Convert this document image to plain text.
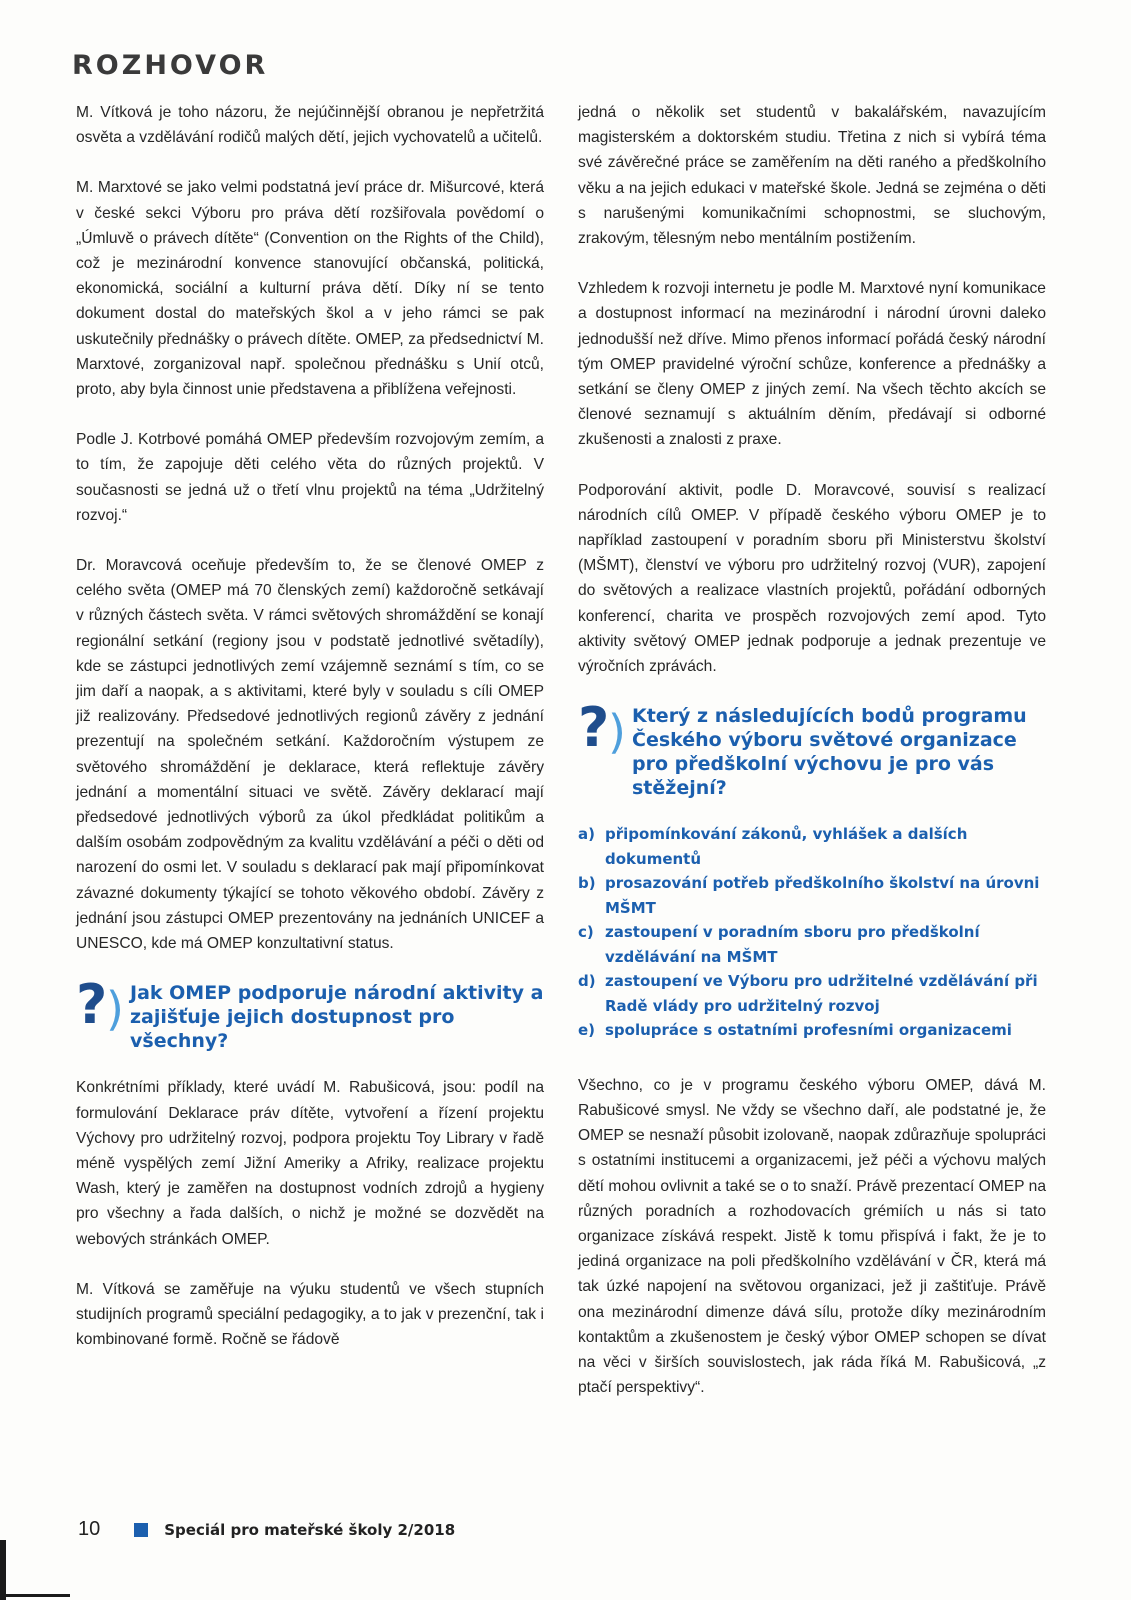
ROZHOVOR

M. Vítková je toho názoru, že nejúčinnější obranou je nepřetržitá osvěta a vzdělávání rodičů malých dětí, jejich vychovatelů a učitelů.

M. Marxtové se jako velmi podstatná jeví práce dr. Mišurcové, která v české sekci Výboru pro práva dětí rozšiřovala povědomí o „Úmluvě o právech dítěte“ (Convention on the Rights of the Child), což je mezinárodní konvence stanovující občanská, politická, ekonomická, sociální a kulturní práva dětí. Díky ní se tento dokument dostal do mateřských škol a v jeho rámci se pak uskutečnily přednášky o právech dítěte. OMEP, za předsednictví M. Marxtové, zorganizoval např. společnou přednášku s Unií otců, proto, aby byla činnost unie představena a přiblížena veřejnosti.

Podle J. Kotrbové pomáhá OMEP především rozvojovým zemím, a to tím, že zapojuje děti celého věta do různých projektů. V současnosti se jedná už o třetí vlnu projektů na téma „Udržitelný rozvoj.“

Dr. Moravcová oceňuje především to, že se členové OMEP z celého světa (OMEP má 70 členských zemí) každoročně setkávají v různých částech světa. V rámci světových shromáždění se konají regionální setkání (regiony jsou v podstatě jednotlivé světadíly), kde se zástupci jednotlivých zemí vzájemně seznámí s tím, co se jim daří a naopak, a s aktivitami, které byly v souladu s cíli OMEP již realizovány. Předsedové jednotlivých regionů závěry z jednání prezentují na společném setkání. Každoročním výstupem ze světového shromáždění je deklarace, která reflektuje závěry jednání a momentální situaci ve světě. Závěry deklarací mají předsedové jednotlivých výborů za úkol předkládat politikům a dalším osobám zodpovědným za kvalitu vzdělávání a péči o děti od narození do osmi let. V souladu s deklarací pak mají připomínkovat závazné dokumenty týkající se tohoto věkového období. Závěry z jednání jsou zástupci OMEP prezentovány na jednáních UNICEF a UNESCO, kde má OMEP konzultativní status.

?
) Jak OMEP podporuje národní aktivity a zajišťuje jejich dostupnost pro všechny?

Konkrétními příklady, které uvádí M. Rabušicová, jsou: podíl na formulování Deklarace práv dítěte, vytvoření a řízení projektu Výchovy pro udržitelný rozvoj, podpora projektu Toy Library v řadě méně vyspělých zemí Jižní Ameriky a Afriky, realizace projektu Wash, který je zaměřen na dostupnost vodních zdrojů a hygieny pro všechny a řada dalších, o nichž je možné se dozvědět na webových stránkách OMEP.

M. Vítková se zaměřuje na výuku studentů ve všech stupních studijních programů speciální pedagogiky, a to jak v prezenční, tak i kombinované formě. Ročně se řádově

jedná o několik set studentů v bakalářském, navazujícím magisterském a doktorském studiu. Třetina z nich si vybírá téma své závěrečné práce se zaměřením na děti raného a předškolního věku a na jejich edukaci v mateřské škole. Jedná se zejména o děti s narušenými komunikačními schopnostmi, se sluchovým, zrakovým, tělesným nebo mentálním postižením.

Vzhledem k rozvoji internetu je podle M. Marxtové nyní komunikace a dostupnost informací na mezinárodní i národní úrovni daleko jednodušší než dříve. Mimo přenos informací pořádá český národní tým OMEP pravidelné výroční schůze, konference a přednášky a setkání se členy OMEP z jiných zemí. Na všech těchto akcích se členové seznamují s aktuálním děním, předávají si odborné zkušenosti a znalosti z praxe.

Podporování aktivit, podle D. Moravcové, souvisí s realizací národních cílů OMEP. V případě českého výboru OMEP je to například zastoupení v poradním sboru při Ministerstvu školství (MŠMT), členství ve výboru pro udržitelný rozvoj (VUR), zapojení do světových a realizace vlastních projektů, pořádání odborných konferencí, charita ve prospěch rozvojových zemí apod. Tyto aktivity světový OMEP jednak podporuje a jednak prezentuje ve výročních zprávách.

?
) Který z následujících bodů programu Českého výboru světové organizace pro předškolní výchovu je pro vás stěžejní?
a) připomínkování zákonů, vyhlášek a dalších dokumentů
b) prosazování potřeb předškolního školství na úrovni MŠMT
c) zastoupení v poradním sboru pro předškolní vzdělávání na MŠMT
d) zastoupení ve Výboru pro udržitelné vzdělávání při Radě vlády pro udržitelný rozvoj
e) spolupráce s ostatními profesními organizacemi

Všechno, co je v programu českého výboru OMEP, dává M. Rabušicové smysl. Ne vždy se všechno daří, ale podstatné je, že OMEP se nesnaží působit izolovaně, naopak zdůrazňuje spolupráci s ostatními institucemi a organizacemi, jež péči a výchovu malých dětí mohou ovlivnit a také se o to snaží. Právě prezentací OMEP na různých poradních a rozhodovacích grémiích u nás si tato organizace získává respekt. Jistě k tomu přispívá i fakt, že je to jediná organizace na poli předškolního vzdělávání v ČR, která má tak úzké napojení na světovou organizaci, jež ji zaštiťuje. Právě ona mezinárodní dimenze dává sílu, protože díky mezinárodním kontaktům a zkušenostem je český výbor OMEP schopen se dívat na věci v širších souvislostech, jak ráda říká M. Rabušicová, „z ptačí perspektivy“.

10	Speciál pro mateřské školy 2/2018
